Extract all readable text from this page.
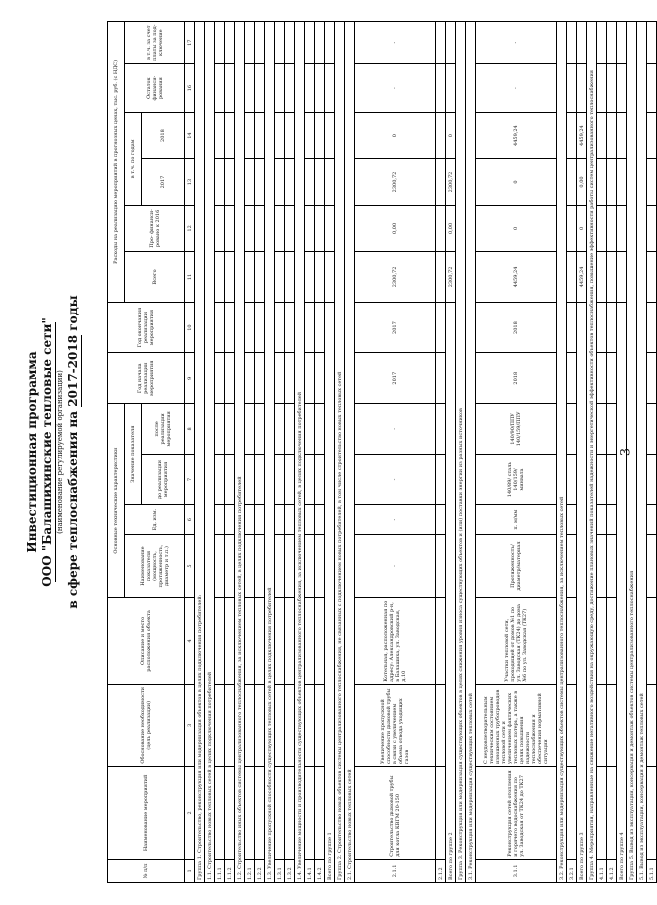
3
Инвестиционная программа ООО "Балашихинские тепловые сети" (наименование регулируемой организации) в сфере теплоснабжения на 2017-2018 годы
№ п/п	Наименование мероприятий	Обоснование необходимости (цель реализации)	Описание и место расположения объекта	Основные технические характеристики				Год начала реализации мероприятия	Год окончания реализации мероприятия	Расходы на реализацию мероприятий в прогнозных ценах, тыс. руб. (с НДС)					
				Наименование показателя (мощность, протяженность, диаметр и т.п.)	Ед. изм.	Значение показателя				Всего	Про- финанси- ровано к 2016	в т.ч. по годам		Остаток финанси- рования	в т.ч. за счет платы за под- ключение
						до реализации мероприятия	после реализации мероприятия					2017	2018		
1	2	3	4	5	6	7	8	9	10	11	12	13	14	16	17
Группа 1. Строительство, реконструкция или модернизация объектов в целях подключения потребителей:															
1.1. Строительство новых тепловых сетей в целях подключения потребителей															
1.1.1															
1.1.2															
1.2. Строительство иных объектов системы централизованного теплоснабжения, за исключением тепловых сетей, в целях подключения потребителей															
1.2.1															
1.2.2															
1.3. Увеличение пропускной способности существующих тепловых сетей в целях подключения потребителей															
1.3.1															
1.3.2															
1.4. Увеличение мощности и производительности существующих объектов централизованного теплоснабжения, за исключением тепловых сетей, в целях подключения потребителей															
1.4.1															
1.4.2															
Всего по группе 1															
Группа 2. Строительство новых объектов системы централизованного теплоснабжения, не связанных с подключением новых потребителей, в том числе строительство новых тепловых сетей															
2.1. Строительство новых тепловых сетей															
2.1.1	Строительство дымовой трубы для котла КВГМ 20-150	Увеличение пропускной способности дымовой трубы в связи с увеличением объема отвода уходящих газов	Котельная, расположенная по адресу: Александровский р-н, в Балашиха, ул. Заводская, д.10	-	-	-	-	2017	2017	2300,72	0,00	2300,72	0	-	-
2.1.2															
Всего по группе 2										2300,72	0,00	2300,72	0		
Группа 3. Реконструкция или модернизация существующих объектов в целях снижения уровня износа существующих объектов и (или) поставки энергии из разных источников															
3.1. Реконструкция или модернизация существующих тепловых сетей															
3.1.1	Реконструкция сетей отопления и горячего водоснабжения по ул. Заводская от ТК24 до ТК27	С неудовлетворительным техническим состоянием изношенных трубопроводов тепловой сети и увеличением фактических тепловых потерь, а также в целях повышения надежности теплоснабжения и обеспечения нормативной ситуации	Участки тепловой сети, проходящей от домов №1 по ул. Заводская (ТК24) до дома №6 по ул. Заводская (ТК27)	Протяженность/ диаметр/материал	п. м/мм	140/89/ сталь 140/159/ минвата	140/90/ППУ 140/159/ППУ	2018	2018	4459,24	0	0	4459,24	-	-
3.2. Реконструкция или модернизация существующих объектов системы централизованного теплоснабжения, за исключением тепловых сетей															
3.2.1															
Всего по группе 3										4459,24	0	0,00	4459,24		
Группа 4. Мероприятия, направленные на снижение негативного воздействия на окружающую среду, достижение плановых значений показателей надежности и энергетической эффективности объектов теплоснабжения, повышение эффективности работы систем централизованного теплоснабжения															
4.1.1															
4.1.2															
Всего по группе 4															
Группа 5. Вывод из эксплуатации, консервация и демонтаж объектов системы централизованного теплоснабжения															
5.1. Вывод из эксплуатации, консервация и демонтаж тепловых сетей															
5.1.1															
